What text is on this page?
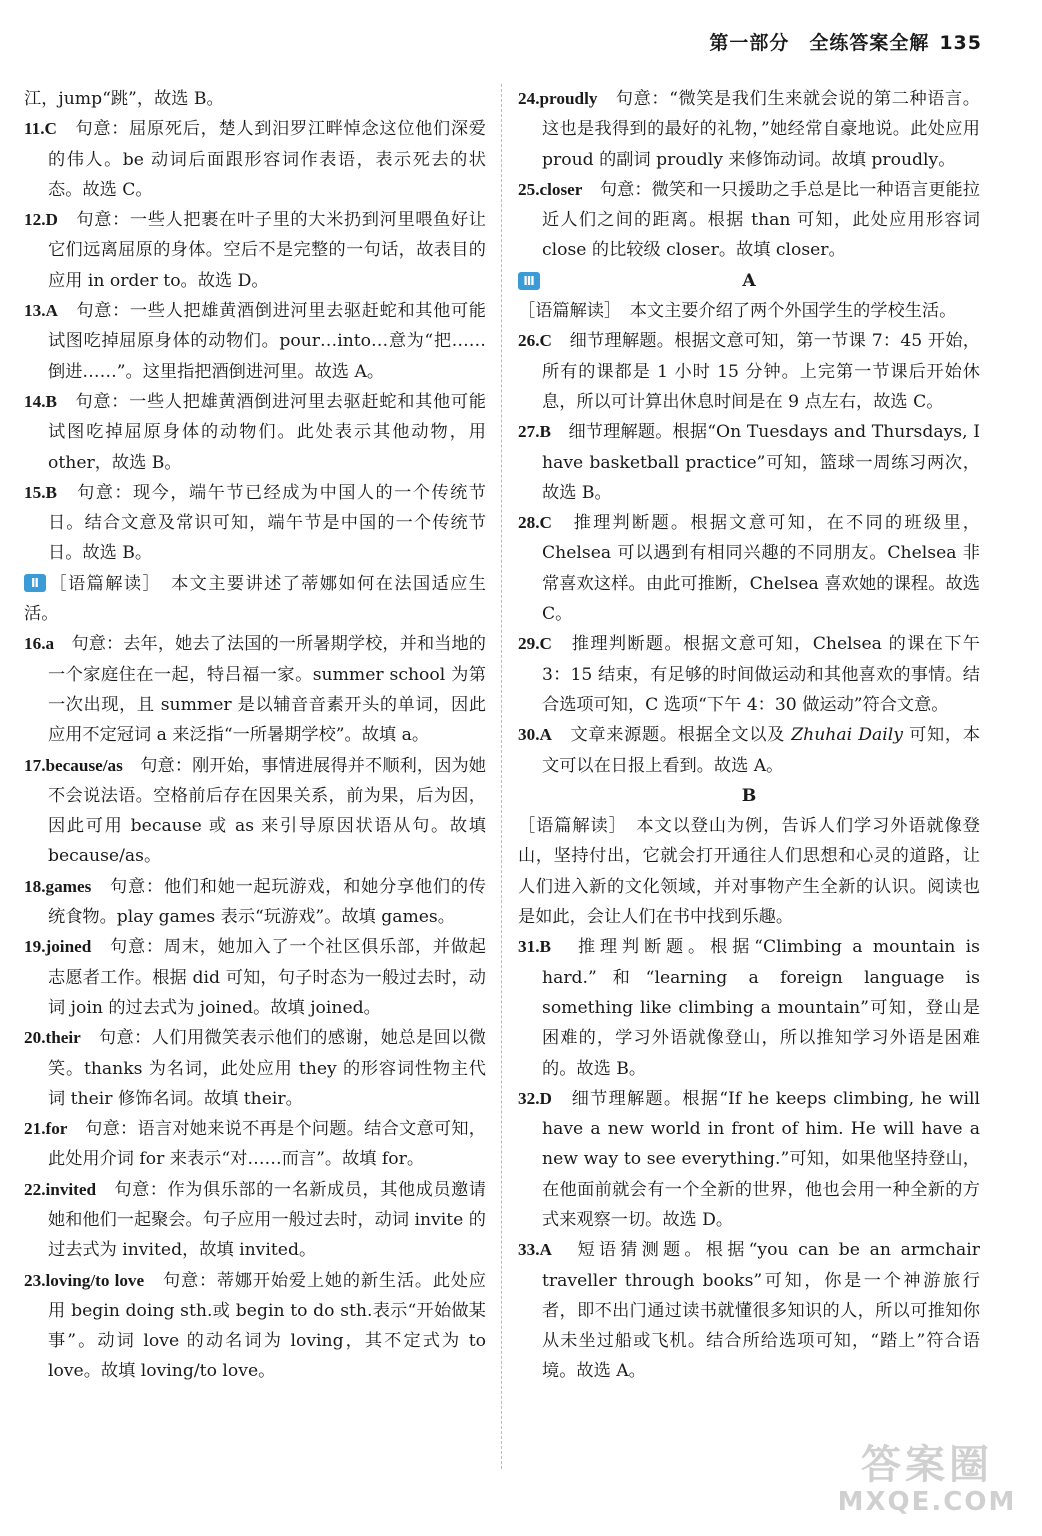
第一部分　全练答案全解 135

江，jump“跳”，故选 B。

11.C　句意：屈原死后，楚人到汨罗江畔悼念这位他们深爱的伟人。be 动词后面跟形容词作表语，表示死去的状态。故选 C。

12.D　句意：一些人把裹在叶子里的大米扔到河里喂鱼好让它们远离屈原的身体。空后不是完整的一句话，故表目的应用 in order to。故选 D。

13.A　句意：一些人把雄黄酒倒进河里去驱赶蛇和其他可能试图吃掉屈原身体的动物们。pour…into…意为“把……倒进……”。这里指把酒倒进河里。故选 A。

14.B　句意：一些人把雄黄酒倒进河里去驱赶蛇和其他可能试图吃掉屈原身体的动物们。此处表示其他动物，用 other，故选 B。

15.B　句意：现今，端午节已经成为中国人的一个传统节日。结合文意及常识可知，端午节是中国的一个传统节日。故选 B。

Ⅱ ［语篇解读］　本文主要讲述了蒂娜如何在法国适应生活。

16.a　句意：去年，她去了法国的一所暑期学校，并和当地的一个家庭住在一起，特吕福一家。summer school 为第一次出现，且 summer 是以辅音音素开头的单词，因此应用不定冠词 a 来泛指“一所暑期学校”。故填 a。

17.because/as　句意：刚开始，事情进展得并不顺利，因为她不会说法语。空格前后存在因果关系，前为果，后为因，因此可用 because 或 as 来引导原因状语从句。故填 because/as。

18.games　句意：他们和她一起玩游戏，和她分享他们的传统食物。play games 表示“玩游戏”。故填 games。

19.joined　句意：周末，她加入了一个社区俱乐部，并做起志愿者工作。根据 did 可知，句子时态为一般过去时，动词 join 的过去式为 joined。故填 joined。

20.their　句意：人们用微笑表示他们的感谢，她总是回以微笑。thanks 为名词，此处应用 they 的形容词性物主代词 their 修饰名词。故填 their。

21.for　句意：语言对她来说不再是个问题。结合文意可知，此处用介词 for 来表示“对……而言”。故填 for。

22.invited　句意：作为俱乐部的一名新成员，其他成员邀请她和他们一起聚会。句子应用一般过去时，动词 invite 的过去式为 invited，故填 invited。

23.loving/to love　句意：蒂娜开始爱上她的新生活。此处应用 begin doing sth.或 begin to do sth.表示“开始做某事”。动词 love 的动名词为 loving，其不定式为 to love。故填 loving/to love。

24.proudly　句意：“微笑是我们生来就会说的第二种语言。这也是我得到的最好的礼物，”她经常自豪地说。此处应用 proud 的副词 proudly 来修饰动词。故填 proudly。

25.closer　句意：微笑和一只援助之手总是比一种语言更能拉近人们之间的距离。根据 than 可知，此处应用形容词 close 的比较级 closer。故填 closer。

Ⅲ	A

［语篇解读］　本文主要介绍了两个外国学生的学校生活。

26.C　细节理解题。根据文意可知，第一节课 7：45 开始，所有的课都是 1 小时 15 分钟。上完第一节课后开始休息，所以可计算出休息时间是在 9 点左右，故选 C。

27.B　细节理解题。根据“On Tuesdays and Thursdays, I have basketball practice”可知，篮球一周练习两次，故选 B。

28.C　推理判断题。根据文意可知，在不同的班级里，Chelsea 可以遇到有相同兴趣的不同朋友。Chelsea 非常喜欢这样。由此可推断，Chelsea 喜欢她的课程。故选 C。

29.C　推理判断题。根据文意可知，Chelsea 的课在下午 3：15 结束，有足够的时间做运动和其他喜欢的事情。结合选项可知，C 选项“下午 4：30 做运动”符合文意。

30.A　文章来源题。根据全文以及 Zhuhai Daily 可知，本文可以在日报上看到。故选 A。

B

［语篇解读］　本文以登山为例，告诉人们学习外语就像登山，坚持付出，它就会打开通往人们思想和心灵的道路，让人们进入新的文化领域，并对事物产生全新的认识。阅读也是如此，会让人们在书中找到乐趣。

31.B　推理判断题。根据“Climbing a mountain is hard.”和“learning a foreign language is something like climbing a mountain”可知，登山是困难的，学习外语就像登山，所以推知学习外语是困难的。故选 B。

32.D　细节理解题。根据“If he keeps climbing, he will have a new world in front of him. He will have a new way to see everything.”可知，如果他坚持登山，在他面前就会有一个全新的世界，他也会用一种全新的方式来观察一切。故选 D。

33.A　短语猜测题。根据“you can be an armchair traveller through books”可知，你是一个神游旅行者，即不出门通过读书就懂很多知识的人，所以可推知你从未坐过船或飞机。结合所给选项可知，“踏上”符合语境。故选 A。

答案圈
MXQE.COM
